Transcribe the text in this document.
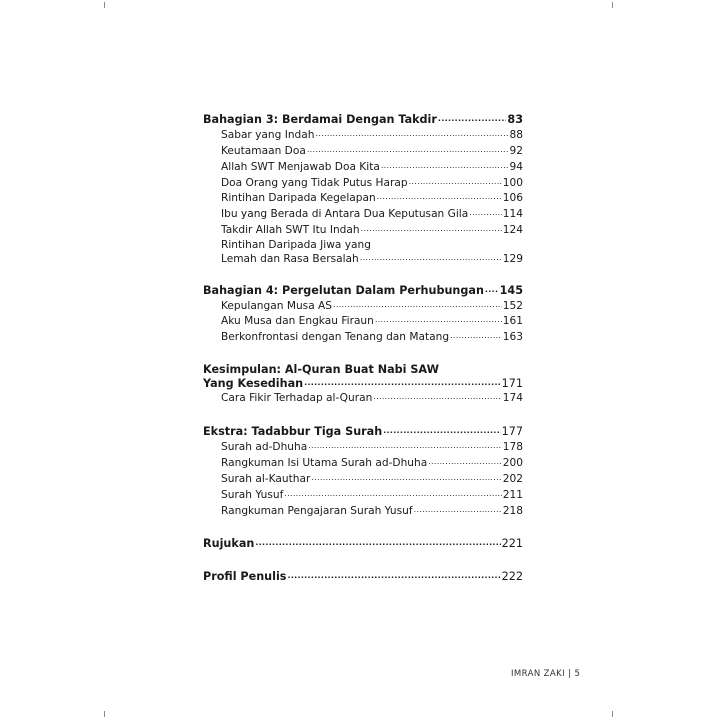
Bahagian 3: Berdamai Dengan Takdir .....	83
Sabar yang Indah .....	88
Keutamaan Doa .....	92
Allah SWT Menjawab Doa Kita .....	94
Doa Orang yang Tidak Putus Harap .....	100
Rintihan Daripada Kegelapan .....	106
Ibu yang Berada di Antara Dua Keputusan Gila .....	114
Takdir Allah SWT Itu Indah .....	124
Rintihan Daripada Jiwa yang
Lemah dan Rasa Bersalah .....	129
Bahagian 4: Pergelutan Dalam Perhubungan ..... 145
Kepulangan Musa AS .....	152
Aku Musa dan Engkau Firaun .....	161
Berkonfrontasi dengan Tenang dan Matang .....	163
Kesimpulan: Al-Quran Buat Nabi SAW
Yang Kesedihan .....	171
Cara Fikir Terhadap al-Quran .....	174
Ekstra: Tadabbur Tiga Surah .....	177
Surah ad-Dhuha .....	178
Rangkuman Isi Utama Surah ad-Dhuha .....	200
Surah al-Kauthar .....	202
Surah Yusuf .....	211
Rangkuman Pengajaran Surah Yusuf .....	218
Rujukan .....	221
Profil Penulis .....	222
IMRAN ZAKI | 5
